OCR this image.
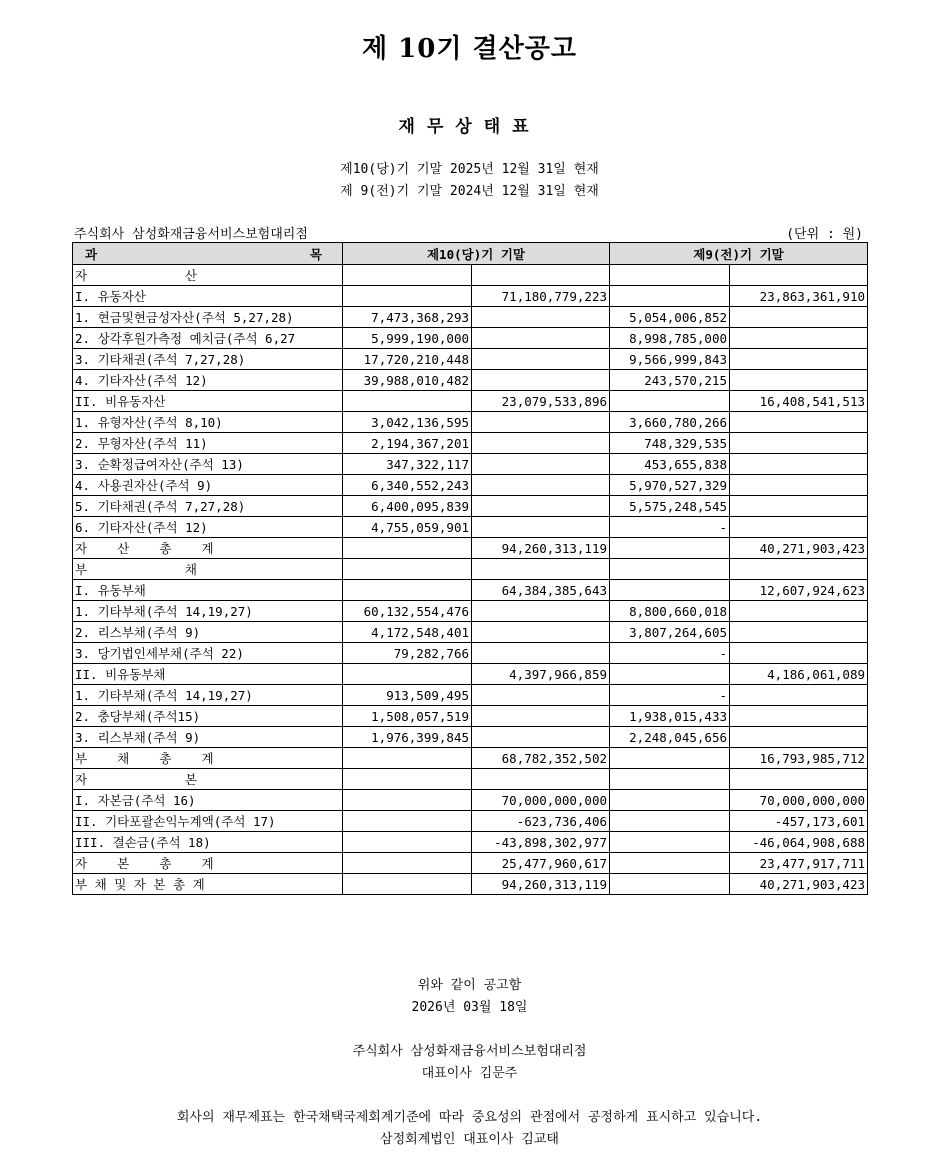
제 10기 결산공고
재무상태표
제10(당)기 기말 2025년 12월 31일 현재
제 9(전)기 기말 2024년 12월 31일 현재
주식회사 삼성화재금융서비스보험대리점	(단위 : 원)
과 목	제10(당)기 기말		제9(전)기 기말	
자             산				
I. 유동자산		71,180,779,223		23,863,361,910
1. 현금및현금성자산(주석 5,27,28)	7,473,368,293		5,054,006,852	
2. 상각후원가측정 예치금(주석 6,27	5,999,190,000		8,998,785,000	
3. 기타채권(주석 7,27,28)	17,720,210,448		9,566,999,843	
4. 기타자산(주석 12)	39,988,010,482		243,570,215	
II. 비유동자산		23,079,533,896		16,408,541,513
1. 유형자산(주석 8,10)	3,042,136,595		3,660,780,266	
2. 무형자산(주석 11)	2,194,367,201		748,329,535	
3. 순확정급여자산(주석 13)	347,322,117		453,655,838	
4. 사용권자산(주석 9)	6,340,552,243		5,970,527,329	
5. 기타채권(주석 7,27,28)	6,400,095,839		5,575,248,545	
6. 기타자산(주석 12)	4,755,059,901		-	
자    산    총    계		94,260,313,119		40,271,903,423
부             채				
I. 유동부채		64,384,385,643		12,607,924,623
1. 기타부채(주석 14,19,27)	60,132,554,476		8,800,660,018	
2. 리스부채(주석 9)	4,172,548,401		3,807,264,605	
3. 당기법인세부채(주석 22)	79,282,766		-	
II. 비유동부채		4,397,966,859		4,186,061,089
1. 기타부채(주석 14,19,27)	913,509,495		-	
2. 충당부채(주석15)	1,508,057,519		1,938,015,433	
3. 리스부채(주석 9)	1,976,399,845		2,248,045,656	
부    채    총    계		68,782,352,502		16,793,985,712
자             본				
I. 자본금(주석 16)		70,000,000,000		70,000,000,000
II. 기타포괄손익누계액(주석 17)		-623,736,406		-457,173,601
III. 결손금(주석 18)		-43,898,302,977		-46,064,908,688
자    본    총    계		25,477,960,617		23,477,917,711
부 채 및 자 본 총 계		94,260,313,119		40,271,903,423
위와 같이 공고함
2026년 03월 18일
주식회사 삼성화재금융서비스보험대리점
대표이사 김문주
회사의 재무제표는 한국채택국제회계기준에 따라 중요성의 관점에서 공정하게 표시하고 있습니다.
삼정회계법인 대표이사 김교태
